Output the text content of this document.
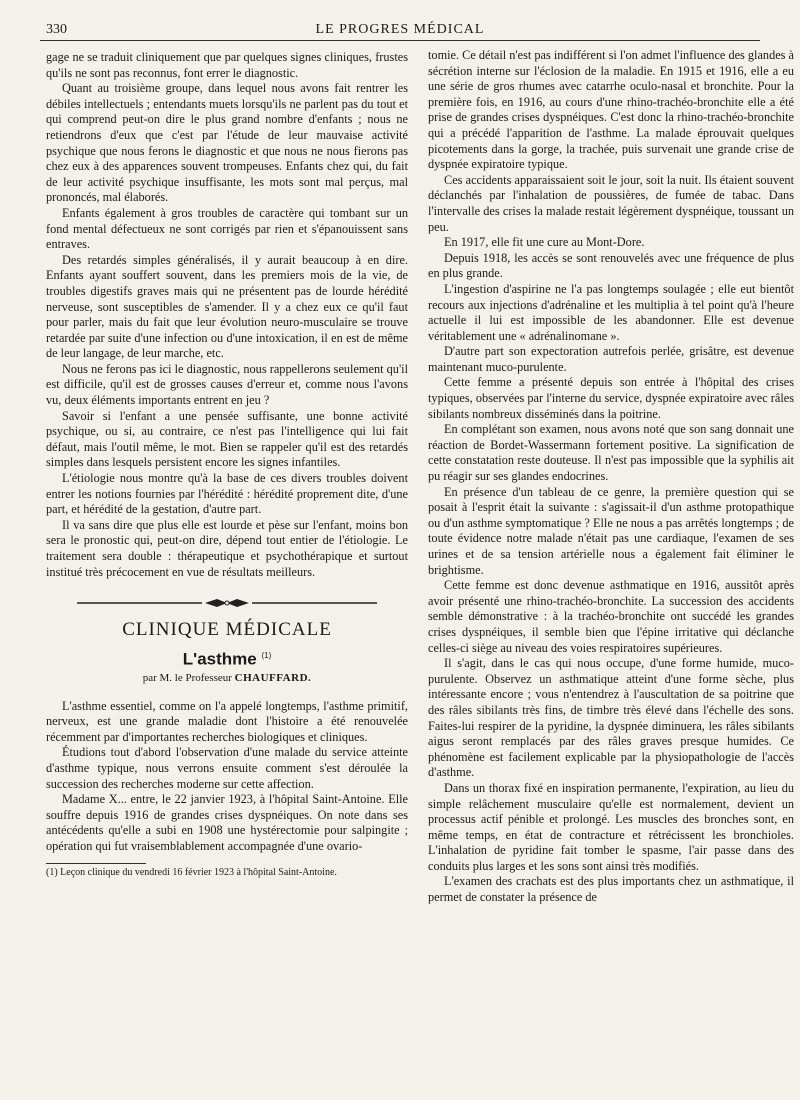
330	LE PROGRES MÉDICAL

gage ne se traduit cliniquement que par quelques signes cliniques, frustes qu'ils ne sont pas reconnus, font errer le diagnostic.

Quant au troisième groupe, dans lequel nous avons fait rentrer les débiles intellectuels ; entendants muets lorsqu'ils ne parlent pas du tout et qui comprend peut-on dire le plus grand nombre d'enfants ; nous ne retiendrons d'eux que c'est par l'étude de leur mauvaise activité psychique que nous ferons le diagnostic et que nous ne nous fierons pas chez eux à des apparences souvent trompeuses. Enfants chez qui, du fait de leur activité psychique insuffisante, les mots sont mal perçus, mal prononcés, mal élaborés.

Enfants également à gros troubles de caractère qui tombant sur un fond mental défectueux ne sont corrigés par rien et s'épanouissent sans entraves.

Des retardés simples généralisés, il y aurait beaucoup à en dire. Enfants ayant souffert souvent, dans les premiers mois de la vie, de troubles digestifs graves mais qui ne présentent pas de lourde hérédité nerveuse, sont susceptibles de s'amender. Il y a chez eux ce qu'il faut pour parler, mais du fait que leur évolution neuro-musculaire se trouve retardée par suite d'une infection ou d'une intoxication, il en est de même de leur langage, de leur marche, etc.

Nous ne ferons pas ici le diagnostic, nous rappellerons seulement qu'il est difficile, qu'il est de grosses causes d'erreur et, comme nous l'avons vu, deux éléments importants entrent en jeu ?

Savoir si l'enfant a une pensée suffisante, une bonne activité psychique, ou si, au contraire, ce n'est pas l'intelligence qui lui fait défaut, mais l'outil même, le mot. Bien se rappeler qu'il est des retardés simples dans lesquels persistent encore les signes infantiles.

L'étiologie nous montre qu'à la base de ces divers troubles doivent entrer les notions fournies par l'hérédité : hérédité proprement dite, d'une part, et hérédité de la gestation, d'autre part.

Il va sans dire que plus elle est lourde et pèse sur l'enfant, moins bon sera le pronostic qui, peut-on dire, dépend tout entier de l'étiologie. Le traitement sera double : thérapeutique et psychothérapique et surtout institué très précocement en vue de résultats meilleurs.

CLINIQUE MÉDICALE
L'asthme $^{(1)}$
par M. le Professeur CHAUFFARD.

L'asthme essentiel, comme on l'a appelé longtemps, l'asthme primitif, nerveux, est une grande maladie dont l'histoire a été renouvelée récemment par d'importantes recherches biologiques et cliniques.

Étudions tout d'abord l'observation d'une malade du service atteinte d'asthme typique, nous verrons ensuite comment s'est déroulée la succession des recherches moderne sur cette affection.

Madame X... entre, le 22 janvier 1923, à l'hôpital Saint-Antoine. Elle souffre depuis 1916 de grandes crises dyspnéiques. On note dans ses antécédents qu'elle a subi en 1908 une hystérectomie pour salpingite ; opération qui fut vraisemblablement accompagnée d'une ovario-

(1) Leçon clinique du vendredi 16 février 1923 à l'hôpital Saint-Antoine.

tomie. Ce détail n'est pas indifférent si l'on admet l'influence des glandes à sécrétion interne sur l'éclosion de la maladie. En 1915 et 1916, elle a eu une série de gros rhumes avec catarrhe oculo-nasal et bronchite. Pour la première fois, en 1916, au cours d'une rhino-trachéo-bronchite elle a été prise de grandes crises dyspnéiques. C'est donc la rhino-trachéo-bronchite qui a précédé l'apparition de l'asthme. La malade éprouvait quelques picotements dans la gorge, la trachée, puis survenait une grande crise de dyspnée expiratoire typique.

Ces accidents apparaissaient soit le jour, soit la nuit. Ils étaient souvent déclanchés par l'inhalation de poussières, de fumée de tabac. Dans l'intervalle des crises la malade restait légèrement dyspnéique, toussant un peu.

En 1917, elle fit une cure au Mont-Dore.

Depuis 1918, les accès se sont renouvelés avec une fréquence de plus en plus grande.

L'ingestion d'aspirine ne l'a pas longtemps soulagée ; elle eut bientôt recours aux injections d'adrénaline et les multiplia à tel point qu'à l'heure actuelle il lui est impossible de les abandonner. Elle est devenue véritablement une « adrénalinomane ».

D'autre part son expectoration autrefois perlée, grisâtre, est devenue maintenant muco-purulente.

Cette femme a présenté depuis son entrée à l'hôpital des crises typiques, observées par l'interne du service, dyspnée expiratoire avec râles sibilants nombreux disséminés dans la poitrine.

En complétant son examen, nous avons noté que son sang donnait une réaction de Bordet-Wassermann fortement positive. La signification de cette constatation reste douteuse. Il n'est pas impossible que la syphilis ait pu réagir sur ses glandes endocrines.

En présence d'un tableau de ce genre, la première question qui se posait à l'esprit était la suivante : s'agissait-il d'un asthme protopathique ou d'un asthme symptomatique ? Elle ne nous a pas arrêtés longtemps ; de toute évidence notre malade n'était pas une cardiaque, l'examen de ses urines et de sa tension artérielle nous a également fait éliminer le brightisme.

Cette femme est donc devenue asthmatique en 1916, aussitôt après avoir présenté une rhino-trachéo-bronchite. La succession des accidents semble démonstrative : à la trachéo-bronchite ont succédé les grandes crises dyspnéiques, il semble bien que l'épine irritative qui déclanche celles-ci siège au niveau des voies respiratoires supérieures.

Il s'agit, dans le cas qui nous occupe, d'une forme humide, muco-purulente. Observez un asthmatique atteint d'une forme sèche, plus intéressante encore ; vous n'entendrez à l'auscultation de sa poitrine que des râles sibilants très fins, de timbre très élevé dans l'échelle des sons. Faites-lui respirer de la pyridine, la dyspnée diminuera, les râles sibilants aigus seront remplacés par des râles graves presque humides. Ce phénomène est facilement explicable par la physiopathologie de l'accès d'asthme.

Dans un thorax fixé en inspiration permanente, l'expiration, au lieu du simple relâchement musculaire qu'elle est normalement, devient un processus actif pénible et prolongé. Les muscles des bronches sont, en même temps, en état de contracture et rétrécissent les bronchioles. L'inhalation de pyridine fait tomber le spasme, l'air passe dans des conduits plus larges et les sons sont ainsi très modifiés.

L'examen des crachats est des plus importants chez un asthmatique, il permet de constater la présence de
